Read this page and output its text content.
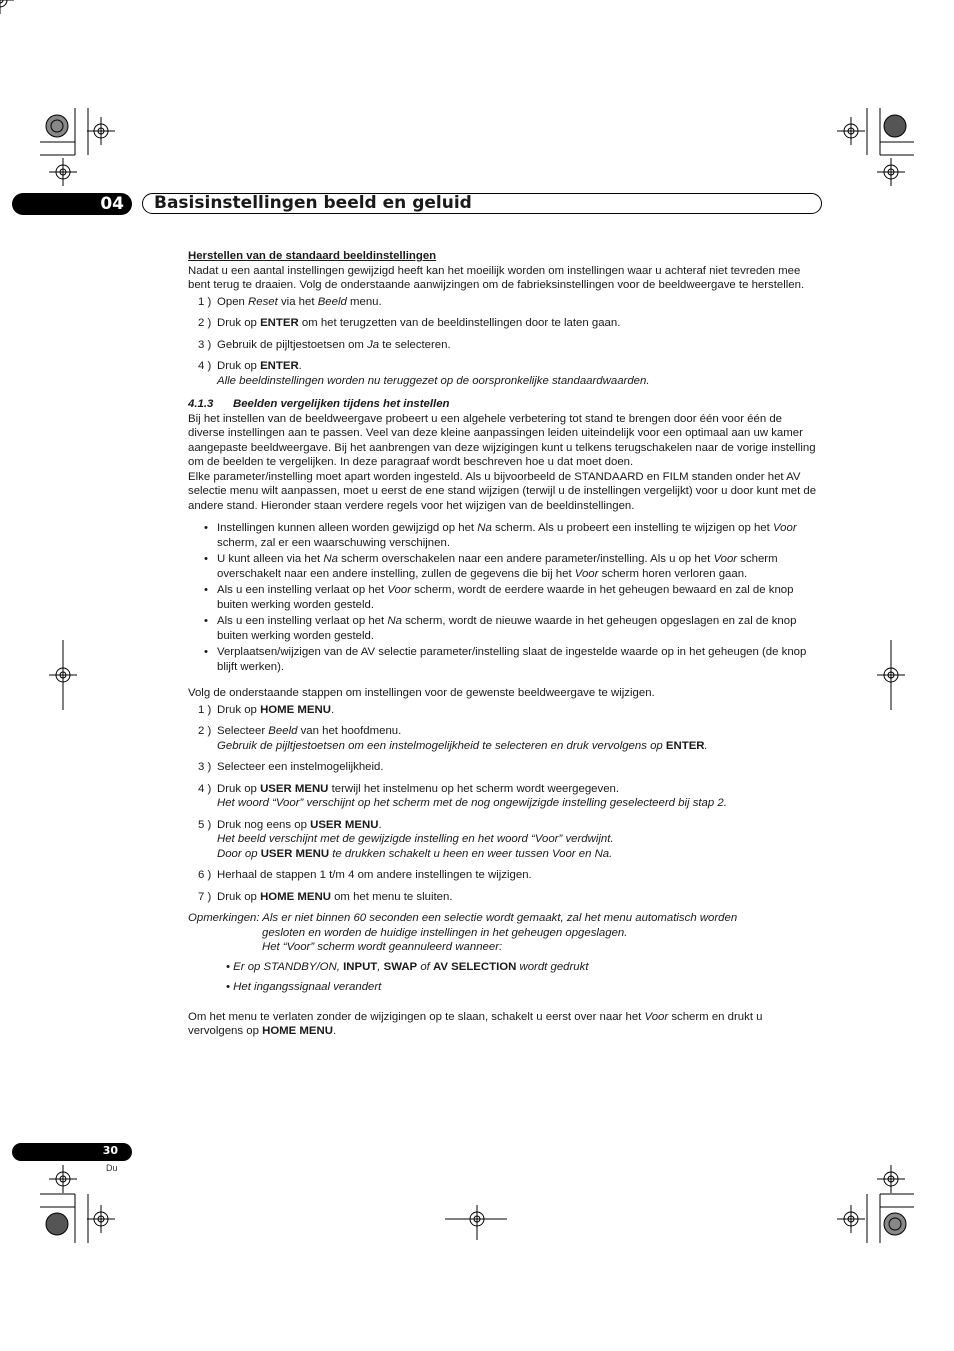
04 Basisinstellingen beeld en geluid

Herstellen van de standaard beeldinstellingen

Nadat u een aantal instellingen gewijzigd heeft kan het moeilijk worden om instellingen waar u achteraf niet tevreden mee bent terug te draaien. Volg de onderstaande aanwijzingen om de fabrieksinstellingen voor de beeldweergave te herstellen.

1 ) Open Reset via het Beeld menu.
2 ) Druk op ENTER om het terugzetten van de beeldinstellingen door te laten gaan.
3 ) Gebruik de pijltjestoetsen om Ja te selecteren.
4 ) Druk op ENTER.
Alle beeldinstellingen worden nu teruggezet op de oorspronkelijke standaardwaarden.
4.1.3 Beelden vergelijken tijdens het instellen

Bij het instellen van de beeldweergave probeert u een algehele verbetering tot stand te brengen door één voor één de diverse instellingen aan te passen. Veel van deze kleine aanpassingen leiden uiteindelijk voor een optimaal aan uw kamer aangepaste beeldweergave. Bij het aanbrengen van deze wijzigingen kunt u telkens terugschakelen naar de vorige instelling om de beelden te vergelijken. In deze paragraaf wordt beschreven hoe u dat moet doen.

Elke parameter/instelling moet apart worden ingesteld. Als u bijvoorbeeld de STANDAARD en FILM standen onder het AV selectie menu wilt aanpassen, moet u eerst de ene stand wijzigen (terwijl u de instellingen vergelijkt) voor u door kunt met de andere stand. Hieronder staan verdere regels voor het wijzigen van de beeldinstellingen.

• Instellingen kunnen alleen worden gewijzigd op het Na scherm. Als u probeert een instelling te wijzigen op het Voor scherm, zal er een waarschuwing verschijnen.
• U kunt alleen via het Na scherm overschakelen naar een andere parameter/instelling. Als u op het Voor scherm overschakelt naar een andere instelling, zullen de gegevens die bij het Voor scherm horen verloren gaan.
• Als u een instelling verlaat op het Voor scherm, wordt de eerdere waarde in het geheugen bewaard en zal de knop buiten werking worden gesteld.
• Als u een instelling verlaat op het Na scherm, wordt de nieuwe waarde in het geheugen opgeslagen en zal de knop buiten werking worden gesteld.
• Verplaatsen/wijzigen van de AV selectie parameter/instelling slaat de ingestelde waarde op in het geheugen (de knop blijft werken).

Volg de onderstaande stappen om instellingen voor de gewenste beeldweergave te wijzigen.

1 ) Druk op HOME MENU.
2 ) Selecteer Beeld van het hoofdmenu.
Gebruik de pijltjestoetsen om een instelmogelijkheid te selecteren en druk vervolgens op ENTER.
3 ) Selecteer een instelmogelijkheid.
4 ) Druk op USER MENU terwijl het instelmenu op het scherm wordt weergegeven.
Het woord “Voor” verschijnt op het scherm met de nog ongewijzigde instelling geselecteerd bij stap 2.
5 ) Druk nog eens op USER MENU.
Het beeld verschijnt met de gewijzigde instelling en het woord “Voor” verdwijnt.
Door op USER MENU te drukken schakelt u heen en weer tussen Voor en Na.
6 ) Herhaal de stappen 1 t/m 4 om andere instellingen te wijzigen.
7 ) Druk op HOME MENU om het menu te sluiten.
Opmerkingen: Als er niet binnen 60 seconden een selectie wordt gemaakt, zal het menu automatisch worden
gesloten en worden de huidige instellingen in het geheugen opgeslagen.
Het “Voor” scherm wordt geannuleerd wanneer:
• Er op STANDBY/ON, INPUT, SWAP of AV SELECTION wordt gedrukt
• Het ingangssignaal verandert

Om het menu te verlaten zonder de wijzigingen op te slaan, schakelt u eerst over naar het Voor scherm en drukt u vervolgens op HOME MENU.

30
Du
